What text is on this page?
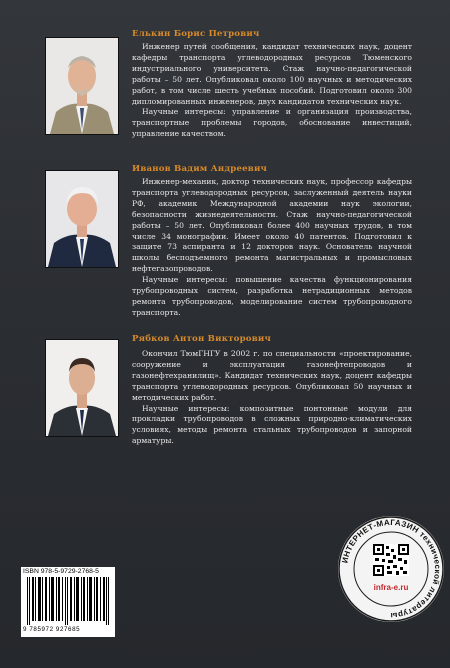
Елькин Борис Петрович

Инженер путей сообщения, кандидат технических наук, доцент кафедры транспорта углеводородных ресурсов Тюменского индустриального университета. Стаж научно-педагогической работы – 50 лет. Опубликовал около 100 научных и методических работ, в том числе шесть учебных пособий. Подготовил около 300 дипломированных инженеров, двух кандидатов технических наук.

Научные интересы: управление и организация производства, транспортные проблемы городов, обоснование инвестиций, управление качеством.

Иванов Вадим Андреевич

Инженер-механик, доктор технических наук, профессор кафедры транспорта углеводородных ресурсов, заслуженный деятель науки РФ, академик Международной академии наук экологии, безопасности жизнедеятельности. Стаж научно-педагогической работы – 50 лет. Опубликовал более 400 научных трудов, в том числе 34 монографии. Имеет около 40 патентов. Подготовил к защите 73 аспиранта и 12 докторов наук. Основатель научной школы бесподъемного ремонта магистральных и промысловых нефтегазопроводов.

Научные интересы: повышение качества функционирования трубопроводных систем, разработка нетрадиционных методов ремонта трубопроводов, моделирование систем трубопроводного транспорта.

Рябков Антон Викторович

Окончил ТюмГНГУ в 2002 г. по специальности «проектирование, сооружение и эксплуатация газонефтепроводов и газонефтехранилищ». Кандидат технических наук, доцент кафедры транспорта углеводородных ресурсов. Опубликовал 50 научных и методических работ.

Научные интересы: композитные понтонные модули для прокладки трубопроводов в сложных природно-климатических условиях, методы ремонта стальных трубопроводов и запорной арматуры.

ISBN 978-5-9729-2768-5
9 785972 927685
ИНТЕРНЕТ-МАГАЗИН технической литературы
infra-e.ru
